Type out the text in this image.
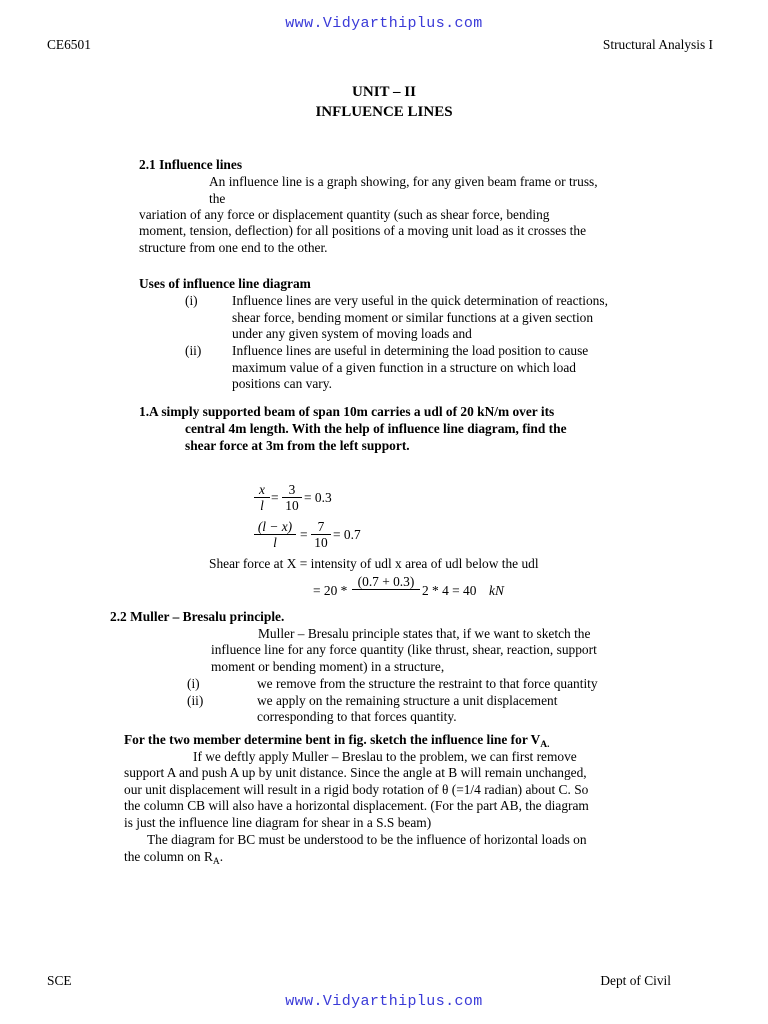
www.Vidyarthiplus.com
CE6501	Structural Analysis I
UNIT – II
INFLUENCE LINES
2.1 Influence lines
An influence line is a graph showing, for any given beam frame or truss,
the
variation of any force or displacement quantity (such as shear force, bending
moment, tension, deflection) for all positions of a moving unit load as it crosses the
structure from one end to the other.
Uses of influence line diagram
(i)	Influence lines are very useful in the quick determination of reactions,
shear force, bending moment or similar functions at a given section
under any given system of moving loads and
(ii) Influence lines are useful in determining the load position to cause
maximum value of a given function in a structure on which load
positions can vary.
1.A simply supported beam of span 10m carries a udl of 20 kN/m over its
central 4m length. With the help of influence line diagram, find the
shear force at 3m from the left support.
$\frac{x}{l} = \frac{3}{10} = 0.3$
$\frac{(l - x)}{l} = \frac{7}{10} = 0.7$
Shear force at X = intensity of udl x area of udl below the udl
= 20 *
(0.7 + 0.3)
2 * 4 = 40 kN
2.2 Muller – Bresalu principle.
Muller – Bresalu principle states that, if we want to sketch the
influence line for any force quantity (like thrust, shear, reaction, support
moment or bending moment) in a structure,
(i)	we remove from the structure the restraint to that force quantity
(ii)	we apply on the remaining structure a unit displacement
corresponding to that forces quantity.
For the two member determine bent in fig. sketch the influence line for $V_{A.}$
If we deftly apply Muller – Breslau to the problem, we can first remove
support A and push A up by unit distance. Since the angle at B will remain unchanged,
our unit displacement will result in a rigid body rotation of θ (=1/4 radian) about C. So
the column CB will also have a horizontal displacement. (For the part AB, the diagram
is just the influence line diagram for shear in a S.S beam)
The diagram for BC must be understood to be the influence of horizontal loads on
the column on $R_A$.
SCE	Dept of Civil
www.Vidyarthiplus.com
